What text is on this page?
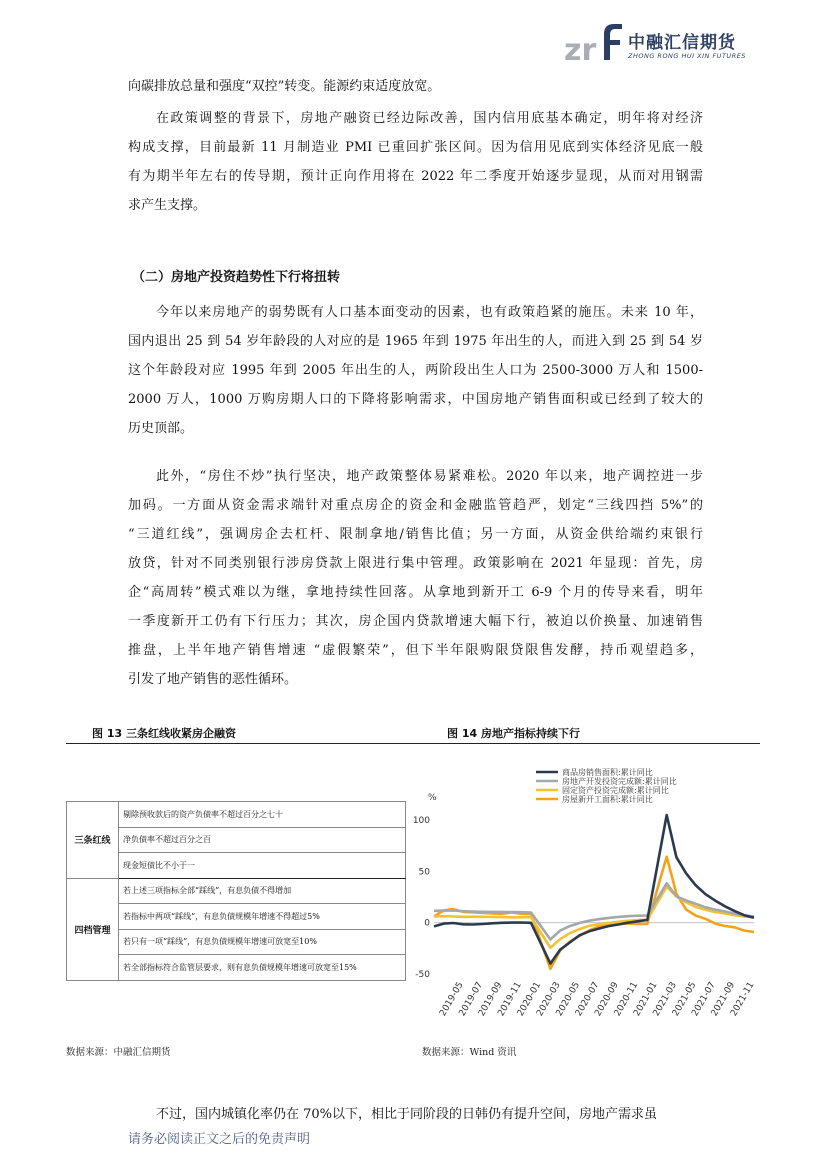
zr 中融汇信期货
ZHONG RONG HUI XIN FUTURES
向碳排放总量和强度“双控”转变。能源约束适度放宽。
在政策调整的背景下，房地产融资已经边际改善，国内信用底基本确定，明年将对经济
构成支撑，目前最新 11 月制造业 PMI 已重回扩张区间。因为信用见底到实体经济见底一般
有为期半年左右的传导期，预计正向作用将在 2022 年二季度开始逐步显现，从而对用钢需
求产生支撑。
（二）房地产投资趋势性下行将扭转
今年以来房地产的弱势既有人口基本面变动的因素，也有政策趋紧的施压。未来 10 年，
国内退出 25 到 54 岁年龄段的人对应的是 1965 年到 1975 年出生的人，而进入到 25 到 54 岁
这个年龄段对应 1995 年到 2005 年出生的人，两阶段出生人口为 2500-3000 万人和 1500-
2000 万人，1000 万购房期人口的下降将影响需求，中国房地产销售面积或已经到了较大的
历史顶部。
此外，“房住不炒”执行坚决，地产政策整体易紧难松。2020 年以来，地产调控进一步
加码。一方面从资金需求端针对重点房企的资金和金融监管趋严，划定“三线四挡 5%”的
“三道红线”，强调房企去杠杆、限制拿地/销售比值；另一方面，从资金供给端约束银行
放贷，针对不同类别银行涉房贷款上限进行集中管理。政策影响在 2021 年显现：首先，房
企“高周转”模式难以为继，拿地持续性回落。从拿地到新开工 6-9 个月的传导来看，明年
一季度新开工仍有下行压力；其次，房企国内贷款增速大幅下行，被迫以价换量、加速销售
推盘，上半年地产销售增速 “虚假繁荣”，但下半年限购限贷限售发酵，持币观望趋多，
引发了地产销售的恶性循环。
图 13 三条红线收紧房企融资	图 14 房地产指标持续下行
三条红线	剔除预收款后的资产负债率不超过百分之七十
	净负债率不超过百分之百
	现金短债比不小于一
四档管理	若上述三项指标全部“踩线”，有息负债不得增加
	若指标中两项“踩线”，有息负债规模年增速不得超过5%
	若只有一项“踩线”，有息负债规模年增速可放宽至10%
	若全部指标符合监管层要求，则有息负债规模年增速可放宽至15%
%
-50
0
50
100
2019-05
2019-07
2019-09
2019-11
2020-01
2020-03
2020-05
2020-07
2020-09
2020-11
2021-01
2021-03
2021-05
2021-07
2021-09
2021-11
商品房销售面积:累计同比
房地产开发投资完成额:累计同比
固定资产投资完成额:累计同比
房屋新开工面积:累计同比
数据来源：中融汇信期货	数据来源：Wind 资讯
不过，国内城镇化率仍在 70%以下，相比于同阶段的日韩仍有提升空间，房地产需求虽
请务必阅读正文之后的免责声明
